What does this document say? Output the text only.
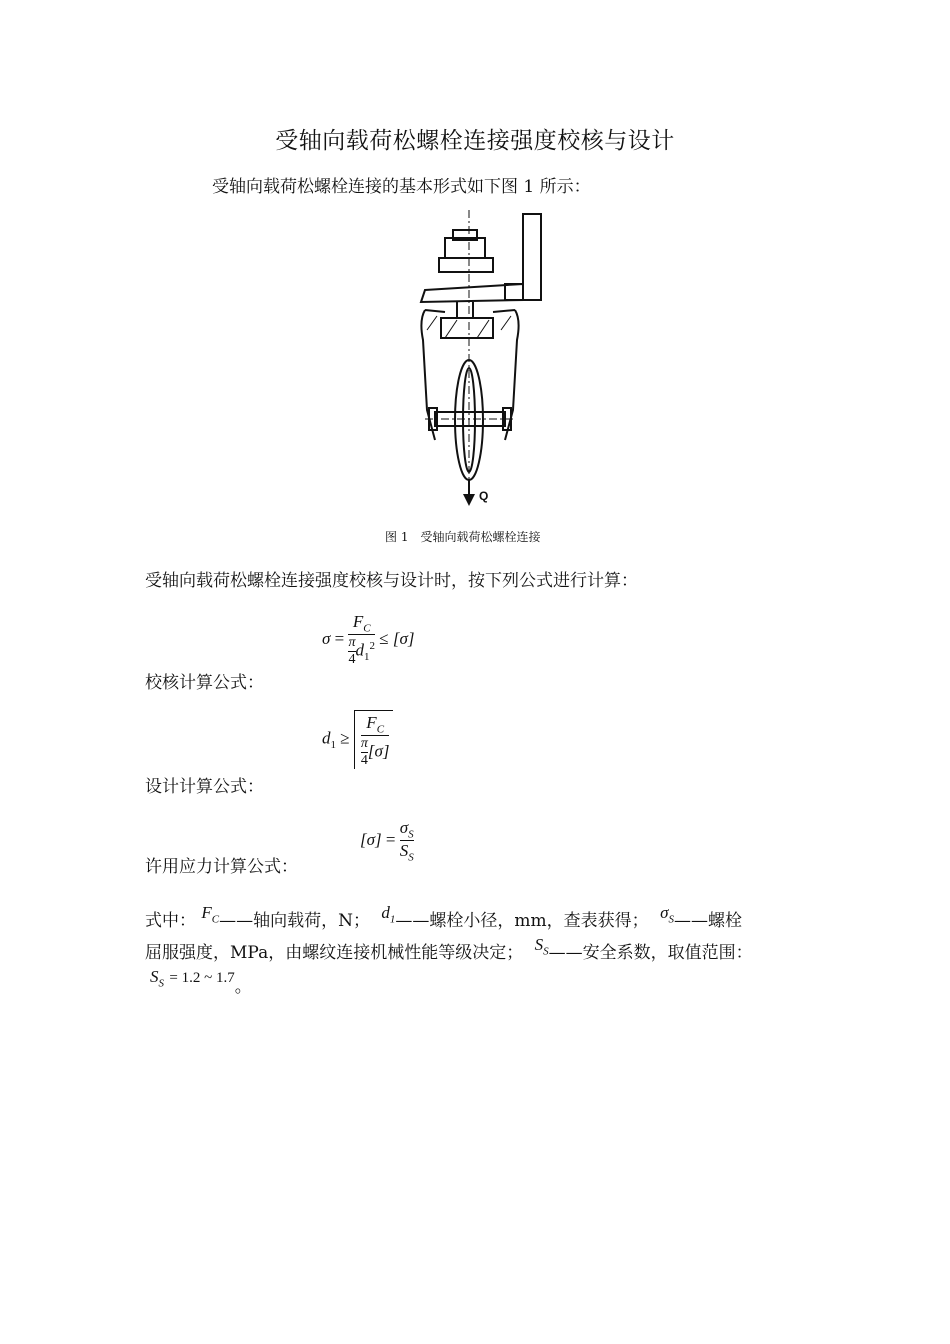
受轴向载荷松螺栓连接强度校核与设计
受轴向载荷松螺栓连接的基本形式如下图 1 所示：
Q
图 1　受轴向载荷松螺栓连接
受轴向载荷松螺栓连接强度校核与设计时，按下列公式进行计算：
$\sigma = \frac{F_C}{\frac{\pi}{4} d_1^2} \le [\sigma]$
校核计算公式：
$d_1 \ge \frac{F_C}{\frac{\pi}{4} [\sigma]}$
设计计算公式：
$[\sigma] = \frac{\sigma_S}{S_S}$
许用应力计算公式：
式中： $F_C——$轴向载荷，N； $d_1——$螺栓小径，mm，查表获得； $\sigma_S——$螺栓
屈服强度，MPa，由螺纹连接机械性能等级决定； $S_S——$安全系数，取值范围：
$S_S = 1.2$ ~ 1.7。
